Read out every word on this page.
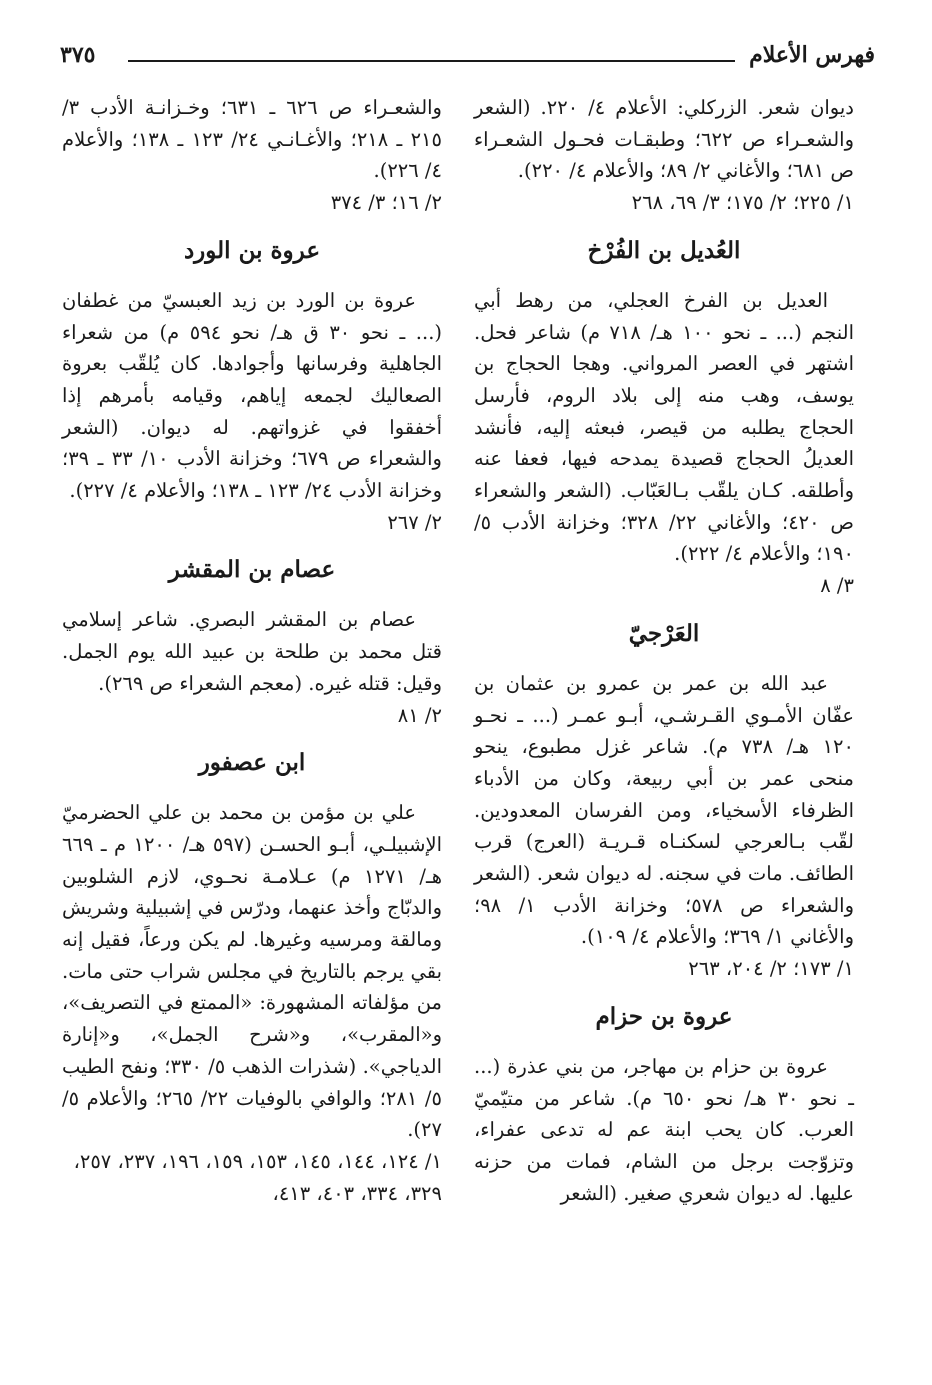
فهرس الأعلام
٣٧٥

ديوان شعر. الزركلي: الأعلام ٤/ ٢٢٠. (الشعر والشعـراء ص ٦٢٢؛ وطبقـات فحـول الشعـراء ص ٦٨١؛ والأغاني ٢/ ٨٩؛ والأعلام ٤/ ٢٢٠).

١/ ٢٢٥؛ ٢/ ١٧٥؛ ٣/ ٦٩، ٢٦٨

العُديل بن الفُرْخ

العديل بن الفرخ العجلي، من رهط أبي النجم (... ـ نحو ١٠٠ هـ/ ٧١٨ م) شاعر فحل. اشتهر في العصر المرواني. وهجا الحجاج بن يوسف، وهب منه إلى بلاد الروم، فأرسل الحجاج يطلبه من قيصر، فبعثه إليه، فأنشد العديلُ الحجاج قصيدة يمدحه فيها، فعفا عنه وأطلقه. كـان يلقّب بـالعَبّاب. (الشعر والشعراء ص ٤٢٠؛ والأغاني ٢٢/ ٣٢٨؛ وخزانة الأدب ٥/ ١٩٠؛ والأعلام ٤/ ٢٢٢).

٣/ ٨

العَرْجيّ

عبد الله بن عمر بن عمرو بن عثمان بن عفّان الأمـوي القـرشـي، أبـو عمـر (... ـ نحـو ١٢٠ هـ/ ٧٣٨ م). شاعر غزل مطبوع، ينحو منحى عمر بن أبي ربيعة، وكان من الأدباء الظرفاء الأسخياء، ومن الفرسان المعدودين. لقّب بـالعرجي لسكنـاه قـريـة (العرج) قرب الطائف. مات في سجنه. له ديوان شعر. (الشعر والشعراء ص ٥٧٨؛ وخزانة الأدب ١/ ٩٨؛ والأغاني ١/ ٣٦٩؛ والأعلام ٤/ ١٠٩).

١/ ١٧٣؛ ٢/ ٢٠٤، ٢٦٣

عروة بن حزام

عروة بن حزام بن مهاجر، من بني عذرة (... ـ نحو ٣٠ هـ/ نحو ٦٥٠ م). شاعر من متيّميّ العرب. كان يحب ابنة عم له تدعى عفراء، وتزوّجت برجل من الشام، فمات من حزنه عليها. له ديوان شعري صغير. (الشعر

والشعـراء ص ٦٢٦ ـ ٦٣١؛ وخـزانـة الأدب ٣/ ٢١٥ ـ ٢١٨؛ والأغـانـي ٢٤/ ١٢٣ ـ ١٣٨؛ والأعلام ٤/ ٢٢٦).

٢/ ١٦؛ ٣/ ٣٧٤

عروة بن الورد

عروة بن الورد بن زيد العبسيّ من غطفان (... ـ نحو ٣٠ ق هـ/ نحو ٥٩٤ م) من شعراء الجاهلية وفرسانها وأجوادها. كان يُلقّب بعروة الصعاليك لجمعه إياهم، وقيامه بأمرهم إذا أخفقوا في غزواتهم. له ديوان. (الشعر والشعراء ص ٦٧٩؛ وخزانة الأدب ١٠/ ٣٣ ـ ٣٩؛ وخزانة الأدب ٢٤/ ١٢٣ ـ ١٣٨؛ والأعلام ٤/ ٢٢٧).

٢/ ٢٦٧

عصام بن المقشر

عصام بن المقشر البصري. شاعر إسلامي قتل محمد بن طلحة بن عبيد الله يوم الجمل. وقيل: قتله غيره. (معجم الشعراء ص ٢٦٩).

٢/ ٨١

ابن عصفور

علي بن مؤمن بن محمد بن علي الحضرميّ الإشبيلـي، أبـو الحسـن (٥٩٧ هـ/ ١٢٠٠ م ـ ٦٦٩ هـ/ ١٢٧١ م) عـلامـة نحـوي، لازم الشلوبين والدبّاج وأخذ عنهما، ودرّس في إشبيلية وشريش ومالقة ومرسيه وغيرها. لم يكن ورعاً، فقيل إنه بقي يرجم بالتاريخ في مجلس شراب حتى مات. من مؤلفاته المشهورة: «الممتع في التصريف»، و«المقرب»، و«شرح الجمل»، و«إنارة الدياجي». (شذرات الذهب ٥/ ٣٣٠؛ ونفح الطيب ٥/ ٢٨١؛ والوافي بالوفيات ٢٢/ ٢٦٥؛ والأعلام ٥/ ٢٧).

١/ ١٢٤، ١٤٤، ١٤٥، ١٥٣، ١٥٩، ١٩٦، ٢٣٧، ٢٥٧، ٣٢٩، ٣٣٤، ٤٠٣، ٤١٣،
